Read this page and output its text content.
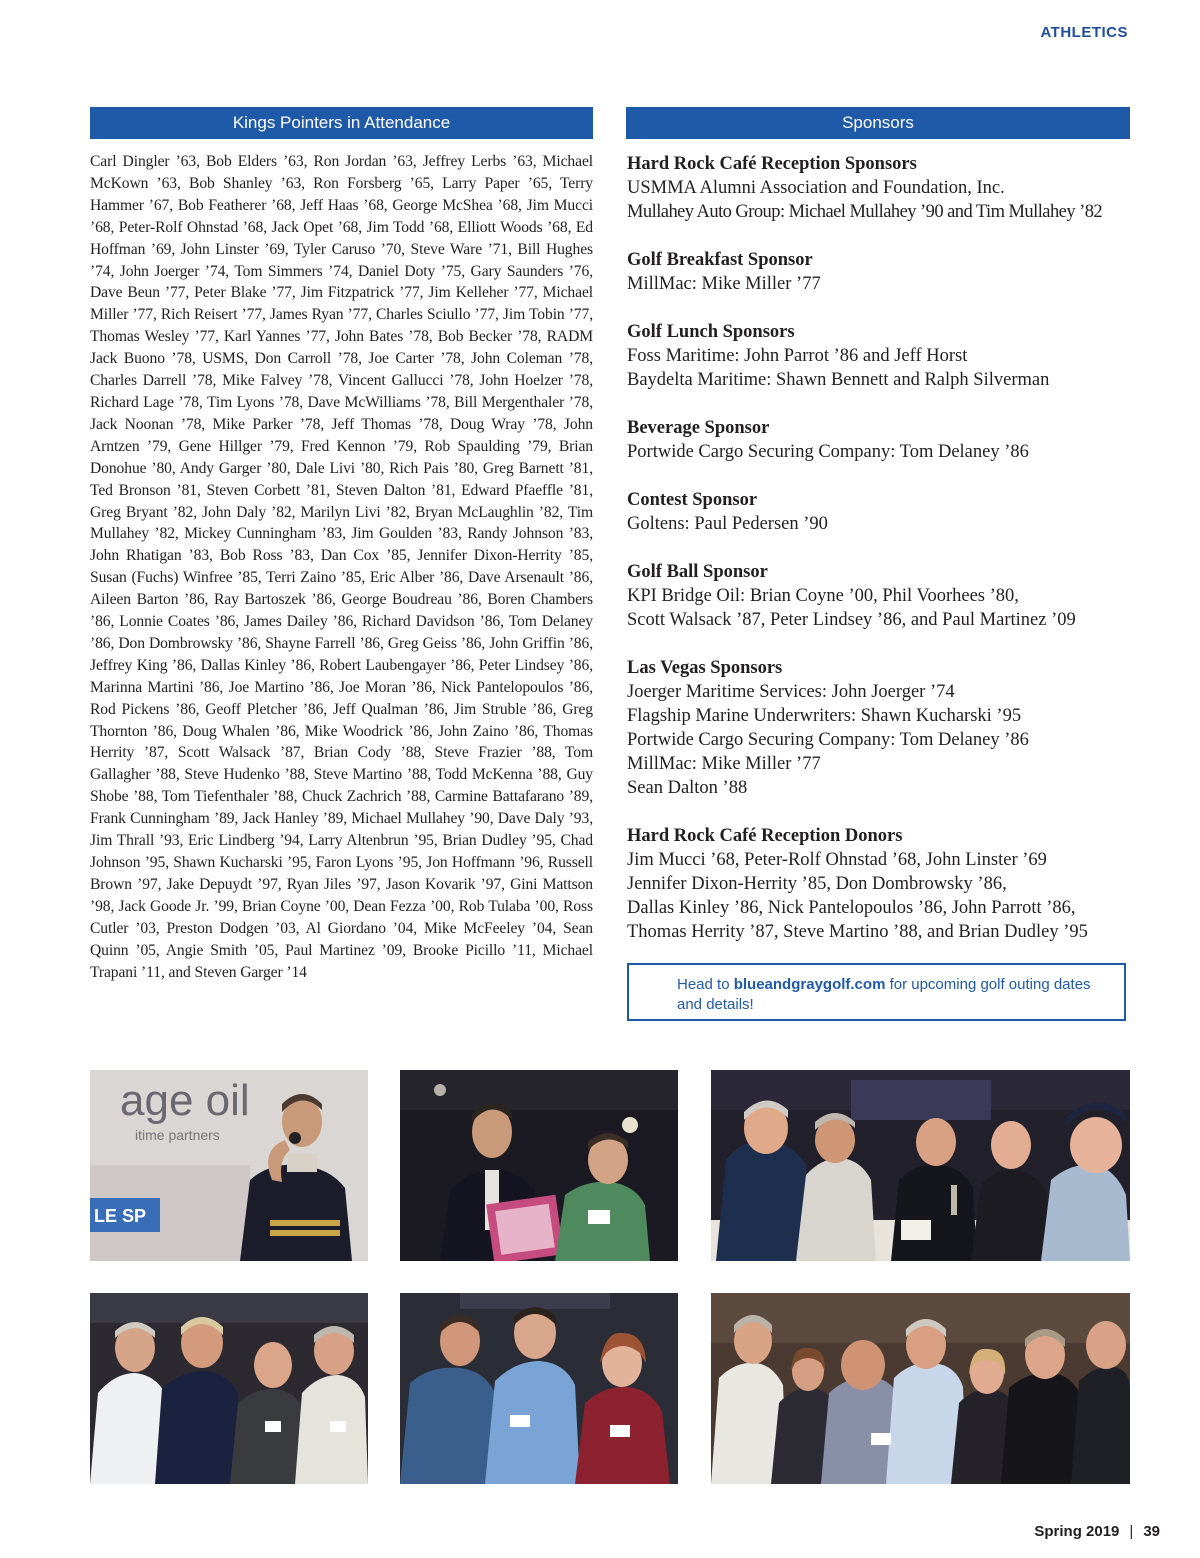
ATHLETICS
Kings Pointers in Attendance

Carl Dingler ’63, Bob Elders ’63, Ron Jordan ’63, Jeffrey Lerbs ’63, Michael McKown ’63, Bob Shanley ’63, Ron Forsberg ’65, Larry Paper ’65, Terry Hammer ’67, Bob Featherer ’68, Jeff Haas ’68, George McShea ’68, Jim Mucci ’68, Peter-Rolf Ohnstad ’68, Jack Opet ’68, Jim Todd ’68, Elliott Woods ’68, Ed Hoffman ’69, John Linster ’69, Tyler Caruso ’70, Steve Ware ’71, Bill Hughes ’74, John Joerger ’74, Tom Simmers ’74, Daniel Doty ’75, Gary Saunders ’76, Dave Beun ’77, Peter Blake ’77, Jim Fitzpatrick ’77, Jim Kelleher ’77, Michael Miller ’77, Rich Reisert ’77, James Ryan ’77, Charles Sciullo ’77, Jim Tobin ’77, Thomas Wesley ’77, Karl Yannes ’77, John Bates ’78, Bob Becker ’78, RADM Jack Buono ’78, USMS, Don Carroll ’78, Joe Carter ’78, John Coleman ’78, Charles Darrell ’78, Mike Falvey ’78, Vincent Gallucci ’78, John Hoelzer ’78, Richard Lage ’78, Tim Lyons ’78, Dave McWilliams ’78, Bill Mergenthaler ’78, Jack Noonan ’78, Mike Parker ’78, Jeff Thomas ’78, Doug Wray ’78, John Arntzen ’79, Gene Hillger ’79, Fred Kennon ’79, Rob Spaulding ’79, Brian Donohue ’80, Andy Garger ’80, Dale Livi ’80, Rich Pais ’80, Greg Barnett ’81, Ted Bronson ’81, Steven Corbett ’81, Steven Dalton ’81, Edward Pfaeffle ’81, Greg Bryant ’82, John Daly ’82, Marilyn Livi ’82, Bryan McLaughlin ’82, Tim Mullahey ’82, Mickey Cunningham ’83, Jim Goulden ’83, Randy Johnson ’83, John Rhatigan ’83, Bob Ross ’83, Dan Cox ’85, Jennifer Dixon-Herrity ’85, Susan (Fuchs) Winfree ’85, Terri Zaino ’85, Eric Alber ’86, Dave Arsenault ’86, Aileen Barton ’86, Ray Bartoszek ’86, George Boudreau ’86, Boren Chambers ’86, Lonnie Coates ’86, James Dailey ’86, Richard Davidson ’86, Tom Delaney ’86, Don Dombrowsky ’86, Shayne Farrell ’86, Greg Geiss ’86, John Griffin ’86, Jeffrey King ’86, Dallas Kinley ’86, Robert Laubengayer ’86, Peter Lindsey ’86, Marinna Martini ’86, Joe Martino ’86, Joe Moran ’86, Nick Pantelopoulos ’86, Rod Pickens ’86, Geoff Pletcher ’86, Jeff Qualman ’86, Jim Struble ’86, Greg Thornton ’86, Doug Whalen ’86, Mike Woodrick ’86, John Zaino ’86, Thomas Herrity ’87, Scott Walsack ’87, Brian Cody ’88, Steve Frazier ’88, Tom Gallagher ’88, Steve Hudenko ’88, Steve Martino ’88, Todd McKenna ’88, Guy Shobe ’88, Tom Tiefenthaler ’88, Chuck Zachrich ’88, Carmine Battafarano ’89, Frank Cunningham ’89, Jack Hanley ’89, Michael Mullahey ’90, Dave Daly ’93, Jim Thrall ’93, Eric Lindberg ’94, Larry Altenbrun ’95, Brian Dudley ’95, Chad Johnson ’95, Shawn Kucharski ’95, Faron Lyons ’95, Jon Hoffmann ’96, Russell Brown ’97, Jake Depuydt ’97, Ryan Jiles ’97, Jason Kovarik ’97, Gini Mattson ’98, Jack Goode Jr. ’99, Brian Coyne ’00, Dean Fezza ’00, Rob Tulaba ’00, Ross Cutler ’03, Preston Dodgen ’03, Al Giordano ’04, Mike McFeeley ’04, Sean Quinn ’05, Angie Smith ’05, Paul Martinez ’09, Brooke Picillo ’11, Michael Trapani ’11, and Steven Garger ’14

Sponsors
Hard Rock Café Reception Sponsors

USMMA Alumni Association and Foundation, Inc.

Mullahey Auto Group: Michael Mullahey ’90 and Tim Mullahey ’82

Golf Breakfast Sponsor

MillMac: Mike Miller ’77

Golf Lunch Sponsors

Foss Maritime: John Parrot ’86 and Jeff Horst

Baydelta Maritime: Shawn Bennett and Ralph Silverman

Beverage Sponsor

Portwide Cargo Securing Company: Tom Delaney ’86

Contest Sponsor

Goltens: Paul Pedersen ’90

Golf Ball Sponsor

KPI Bridge Oil: Brian Coyne ’00, Phil Voorhees ’80,

Scott Walsack ’87, Peter Lindsey ’86, and Paul Martinez ’09

Las Vegas Sponsors

Joerger Maritime Services: John Joerger ’74

Flagship Marine Underwriters: Shawn Kucharski ’95

Portwide Cargo Securing Company: Tom Delaney ’86

MillMac: Mike Miller ’77

Sean Dalton ’88

Hard Rock Café Reception Donors

Jim Mucci ’68, Peter-Rolf Ohnstad ’68, John Linster ’69

Jennifer Dixon-Herrity ’85, Don Dombrowsky ’86,

Dallas Kinley ’86, Nick Pantelopoulos ’86, John Parrott ’86,

Thomas Herrity ’87, Steve Martino ’88, and Brian Dudley ’95

Head to blueandgraygolf.com for upcoming golf outing dates and details!
LE SP
age oil
itime partners
Spring 2019 | 39
